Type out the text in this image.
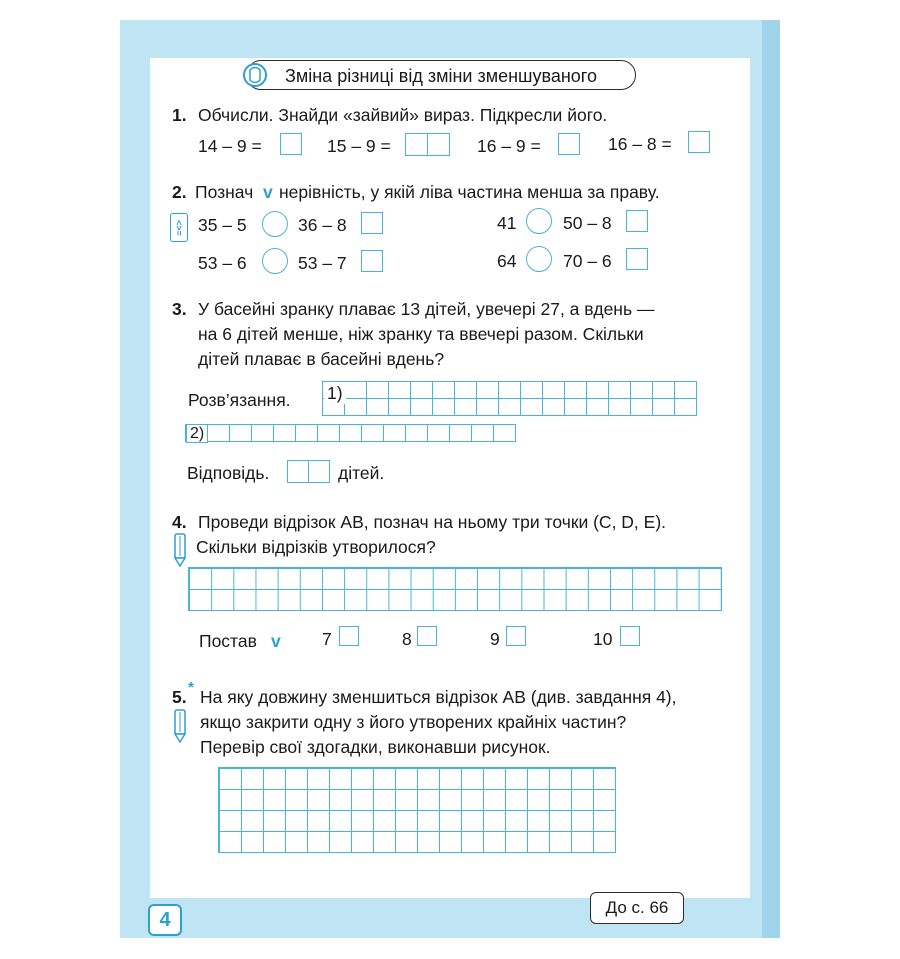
Зміна різниці від зміни зменшуваного
1. Обчисли. Знайди «зайвий» вираз. Підкресли його.
14 – 9 =	15 – 9 =	16 – 9 =	16 – 8 =
2. Познач v нерівність, у якій ліва частина менша за праву.
<>= 35 – 5	36 – 8
53 – 6	53 – 7
41	50 – 8
64	70 – 6
3. У басейні зранку плаває 13 дітей, увечері 27, а вдень —
на 6 дітей менше, ніж зранку та ввечері разом. Скільки
дітей плаває в басейні вдень?
Розв’язання. 1)
2)
Відповідь.	дітей.
4. Проведи відрізок AB, познач на ньому три точки (C, D, E).
Скільки відрізків утворилося?
Постав v 7	8	9	10
5. * На яку довжину зменшиться відрізок AB (див. завдання 4),
якщо закрити одну з його утворених крайніх частин?
Перевір свої здогадки, виконавши рисунок.
4
До с. 66
